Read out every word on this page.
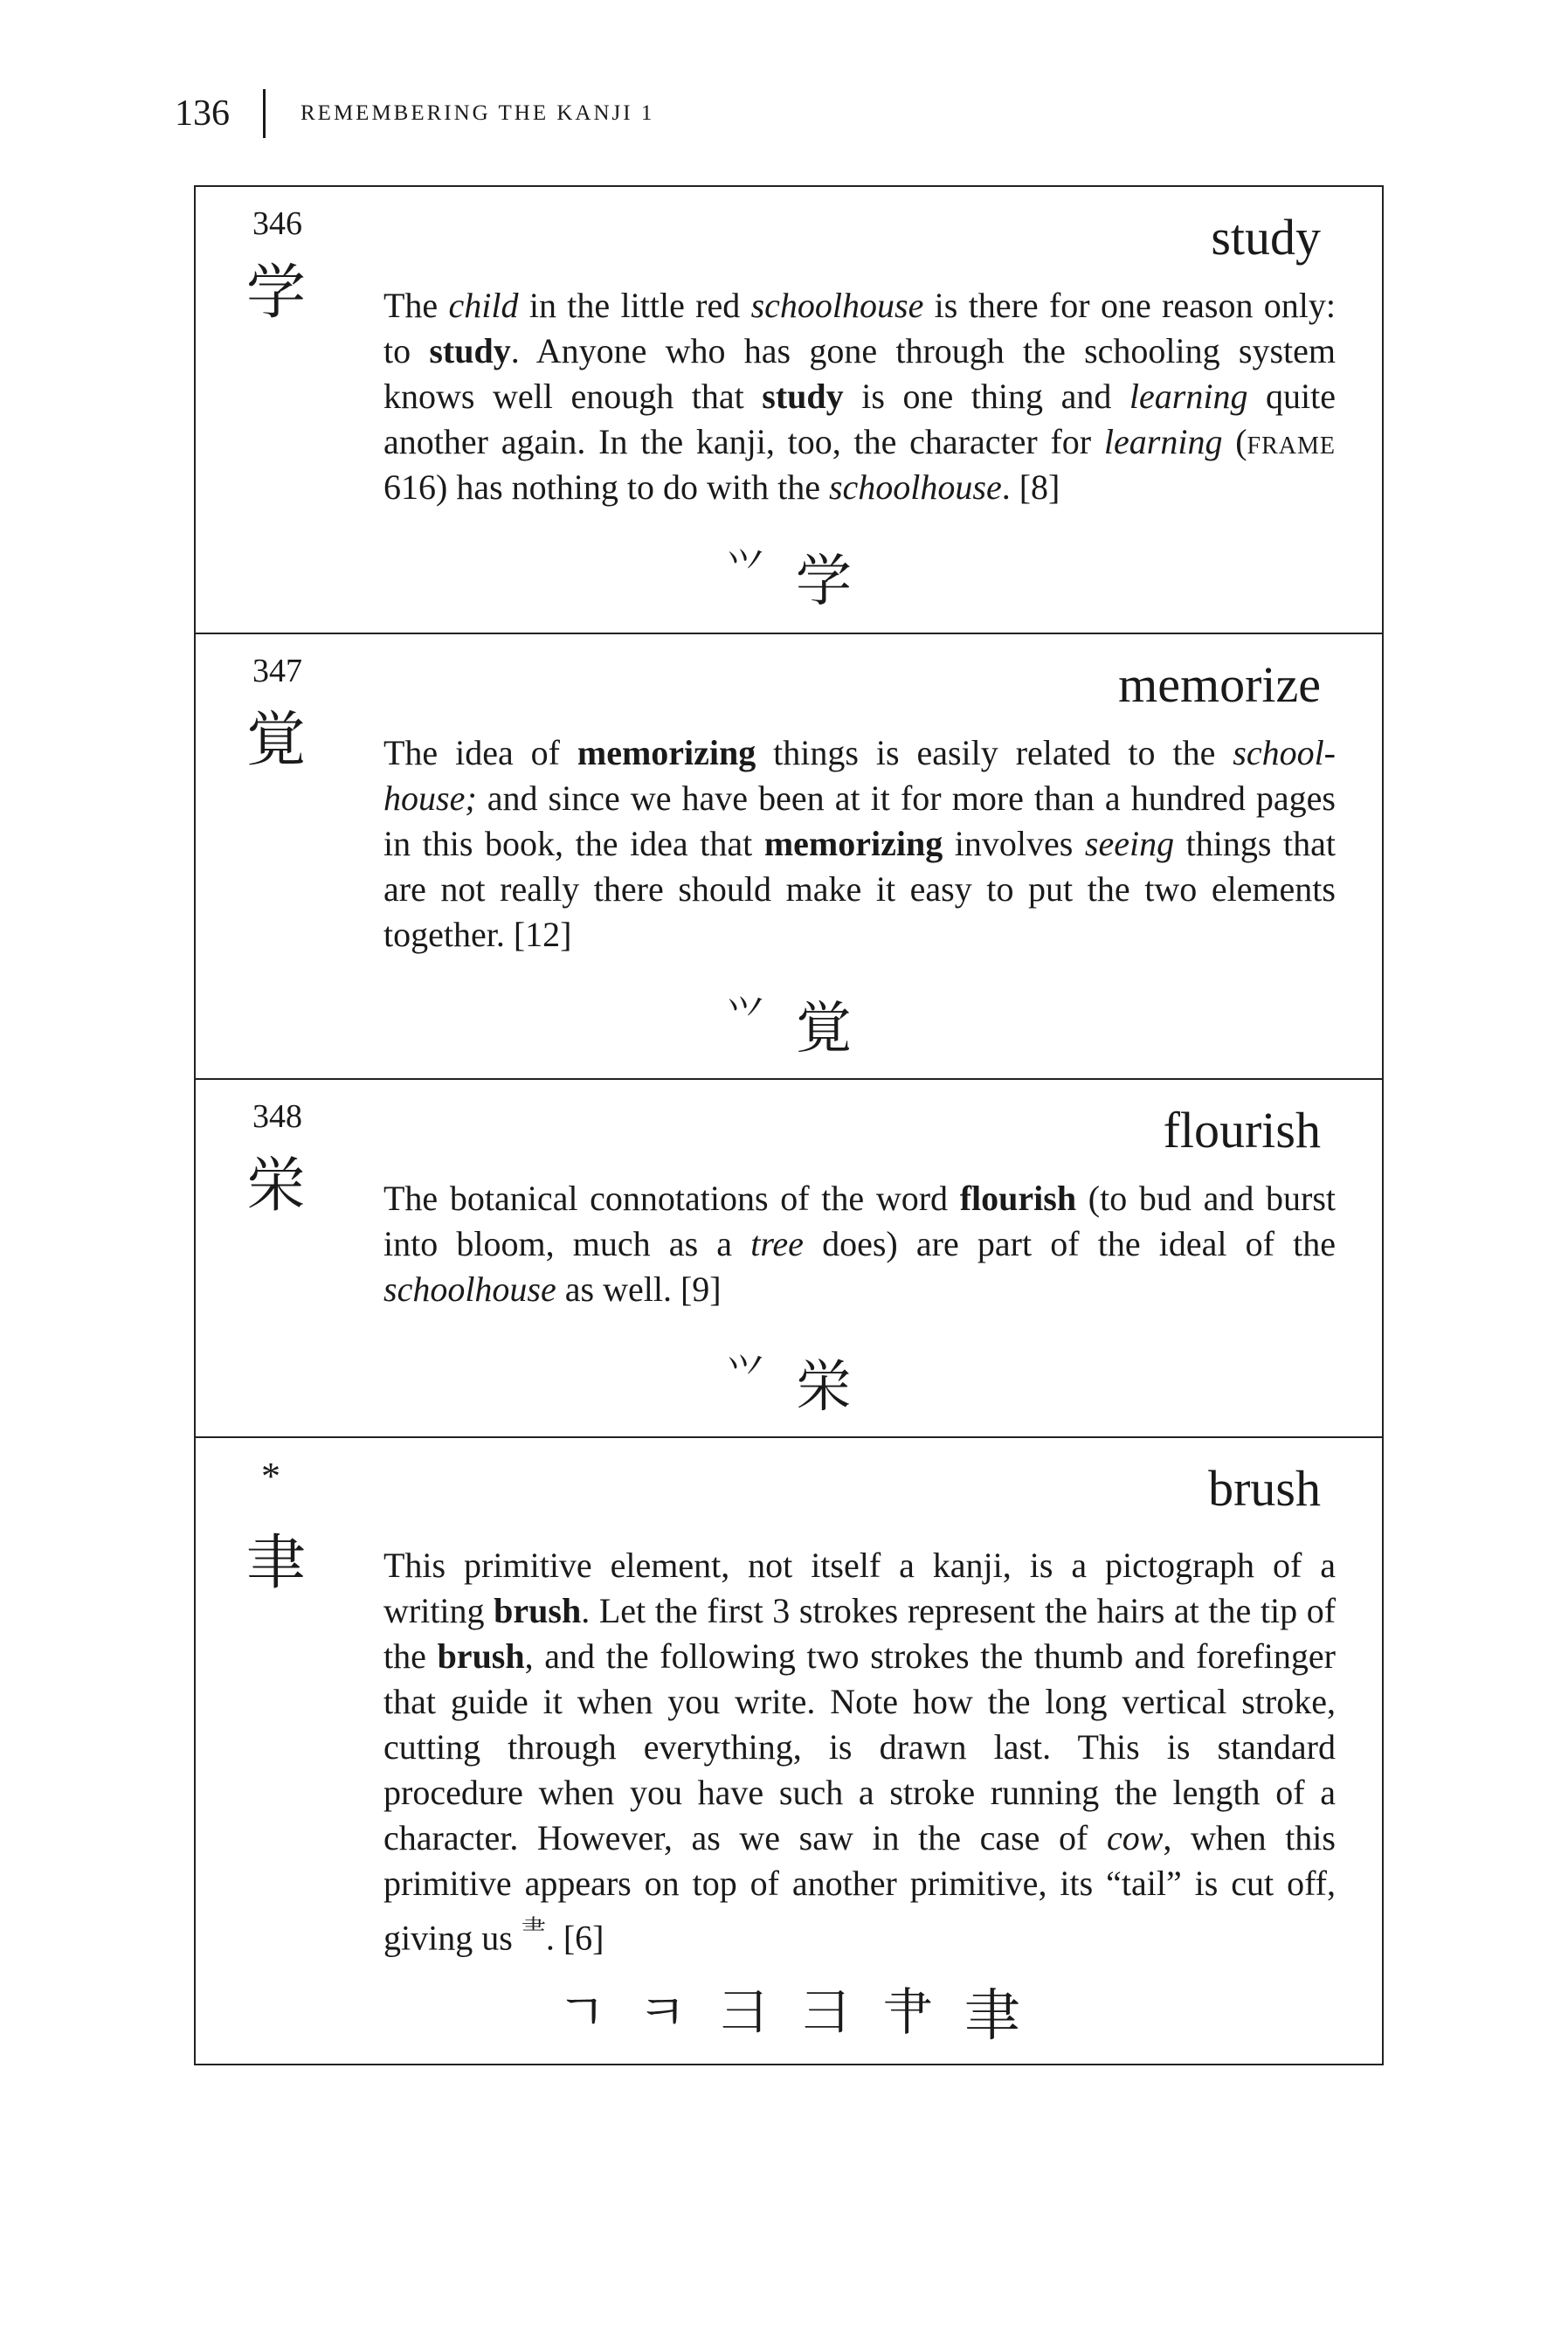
136	REMEMBERING THE KANJI 1
346
学
study
The child in the little red schoolhouse is there for one reason only: to study. Anyone who has gone through the schooling system knows well enough that study is one thing and learning quite another again. In the kanji, too, the character for learning (frame 616) has nothing to do with the schoolhouse. [8]
⺍ 学
347
覚
memorize
The idea of memorizing things is easily related to the school-house; and since we have been at it for more than a hundred pages in this book, the idea that memorizing involves seeing things that are not really there should make it easy to put the two elements together. [12]
⺍ 覚
348
栄
flourish
The botanical connotations of the word flourish (to bud and burst into bloom, much as a tree does) are part of the ideal of the schoolhouse as well. [9]
⺍ 栄
*
聿
brush
This primitive element, not itself a kanji, is a pictograph of a writing brush. Let the first 3 strokes represent the hairs at the tip of the brush, and the following two strokes the thumb and forefinger that guide it when you write. Note how the long vertical stroke, cutting through everything, is drawn last. This is standard procedure when you have such a stroke running the length of a character. However, as we saw in the case of cow, when this primitive appears on top of another primitive, its “tail” is cut off, giving us ⺻. [6]
ㄱ ㅋ ⺕ 彐 ⺺ 聿
